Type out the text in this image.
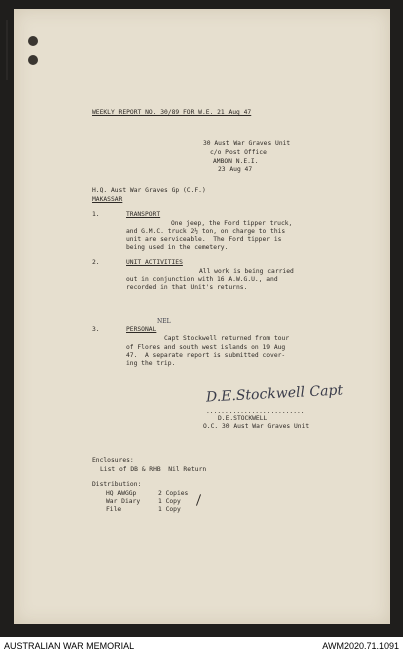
WEEKLY REPORT NO. 30/89 FOR W.E. 21 Aug 47
30 Aust War Graves Unit
c/o Post Office
AMBON N.E.I.
23 Aug 47
H.Q. Aust War Graves Gp (C.F.)
MAKASSAR
1.	TRANSPORT
One jeep, the Ford tipper truck,
and G.M.C. truck 2½ ton, on charge to this
unit are serviceable.  The Ford tipper is
being used in the cemetery.
2.	UNIT ACTIVITIES
All work is being carried
out in conjunction with 16 A.W.G.U., and
recorded in that Unit's returns.
NEL
3.	PERSONAL
Capt Stockwell returned from tour
of Flores and south west islands on 19 Aug
47.  A separate report is submitted cover-
ing the trip.
D.E.Stockwell Capt
..........................
D.E.STOCKWELL
O.C. 30 Aust War Graves Unit
Enclosures:
List of DB & RHB  Nil Return
Distribution:
HQ AWGGp	2 Copies
War Diary	1 Copy
File	1 Copy
AUSTRALIAN WAR MEMORIAL	AWM2020.71.1091
